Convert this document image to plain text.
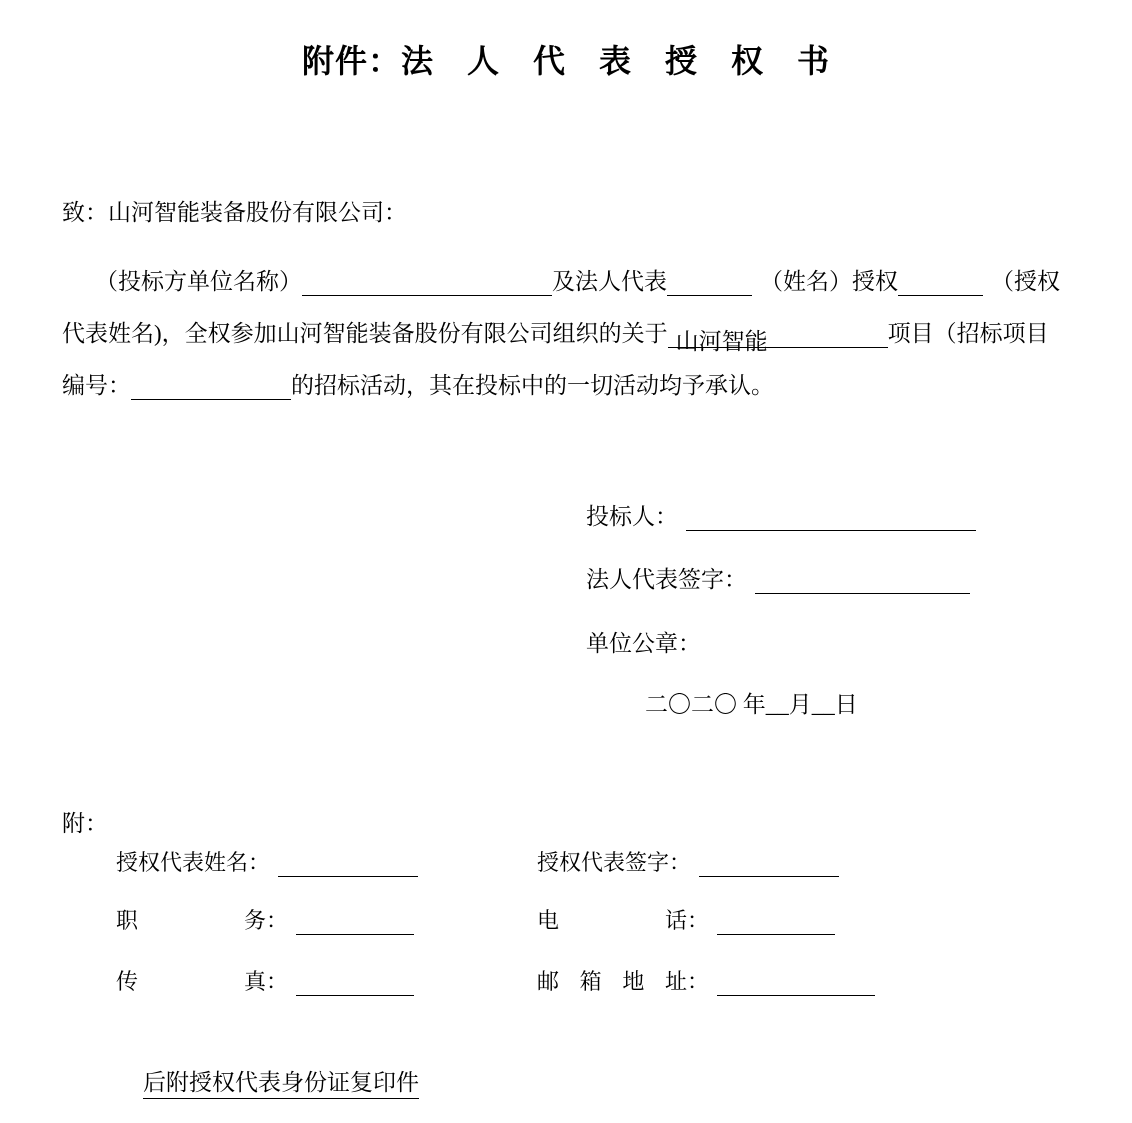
附件：法　人　代　表　授　权　书
致：山河智能装备股份有限公司：
（投标方单位名称）	及法人代表	（姓名）授权	（授权
代表姓名)，全权参加山河智能装备股份有限公司组织的关于 山河智能	项目（招标项目
编号：	的招标活动，其在投标中的一切活动均予承认。
投标人：
法人代表签字：
单位公章：
二〇二〇 年__月__日
附：
授权代表姓名：	授权代表签字：
职务：	电话：
传真：	邮箱地址：
后附授权代表身份证复印件
